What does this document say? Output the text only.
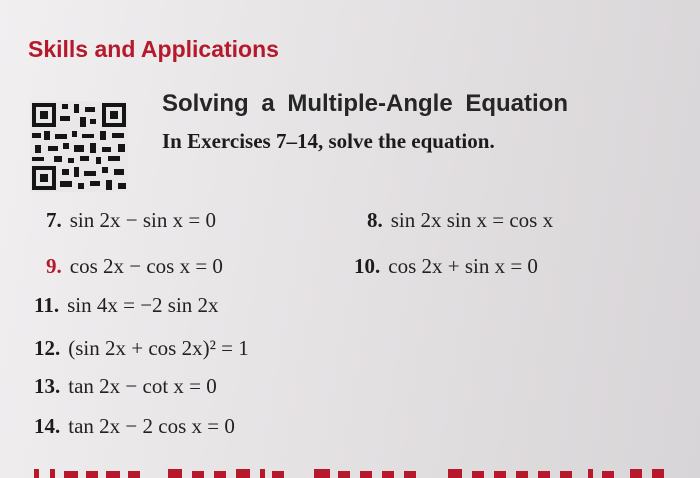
Skills and Applications
Solving a Multiple-Angle Equation
In Exercises 7–14, solve the equation.
7. sin 2x − sin x = 0	8. sin 2x sin x = cos x
9. cos 2x − cos x = 0	10. cos 2x + sin x = 0
11. sin 4x = −2 sin 2x
12. (sin 2x + cos 2x)² = 1
13. tan 2x − cot x = 0
14. tan 2x − 2 cos x = 0
